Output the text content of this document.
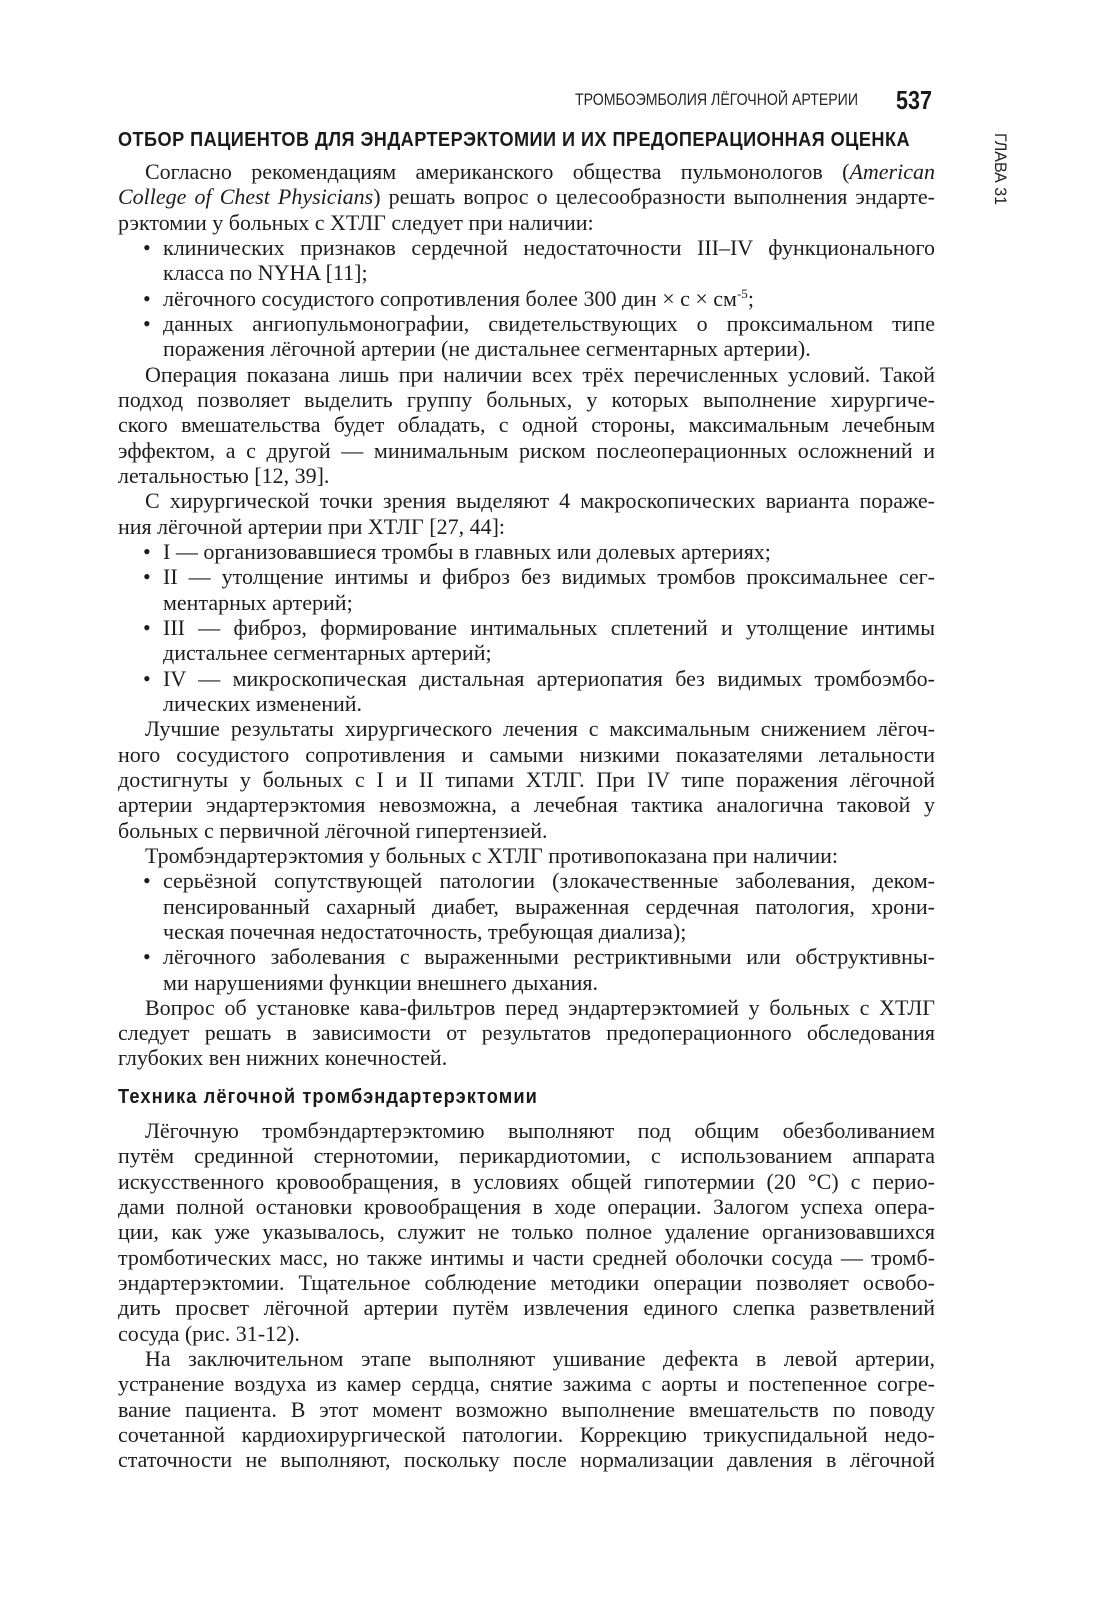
ТРОМБОЭМБОЛИЯ ЛЁГОЧНОЙ АРТЕРИИ 537
ГЛАВА 31
ОТБОР ПАЦИЕНТОВ ДЛЯ ЭНДАРТЕРЭКТОМИИ И ИХ ПРЕДОПЕРАЦИОННАЯ ОЦЕНКА
Согласно рекомендациям американского общества пульмонологов (American
College of Chest Physicians) решать вопрос о целесообразности выполнения эндарте-
рэктомии у больных с ХТЛГ следует при наличии:
• клинических признаков сердечной недостаточности III–IV функционального
класса по NYHA [11];
• лёгочного сосудистого сопротивления более 300 дин × $с \times см^{-5}$;
• данных ангиопульмонографии, свидетельствующих о проксимальном типе
поражения лёгочной артерии (не дистальнее сегментарных артерии).
Операция показана лишь при наличии всех трёх перечисленных условий. Такой
подход позволяет выделить группу больных, у которых выполнение хирургиче-
ского вмешательства будет обладать, с одной стороны, максимальным лечебным
эффектом, а с другой — минимальным риском послеоперационных осложнений и
летальностью [12, 39].
С хирургической точки зрения выделяют 4 макроскопических варианта пораже-
ния лёгочной артерии при ХТЛГ [27, 44]:
• I — организовавшиеся тромбы в главных или долевых артериях;
• II — утолщение интимы и фиброз без видимых тромбов проксимальнее сег-
ментарных артерий;
• III — фиброз, формирование интимальных сплетений и утолщение интимы
дистальнее сегментарных артерий;
• IV — микроскопическая дистальная артериопатия без видимых тромбоэмбо-
лических изменений.
Лучшие результаты хирургического лечения с максимальным снижением лёгоч-
ного сосудистого сопротивления и самыми низкими показателями летальности
достигнуты у больных с I и II типами ХТЛГ. При IV типе поражения лёгочной
артерии эндартерэктомия невозможна, а лечебная тактика аналогична таковой у
больных с первичной лёгочной гипертензией.
Тромбэндартерэктомия у больных с ХТЛГ противопоказана при наличии:
• серьёзной сопутствующей патологии (злокачественные заболевания, деком-
пенсированный сахарный диабет, выраженная сердечная патология, хрони-
ческая почечная недостаточность, требующая диализа);
• лёгочного заболевания с выраженными рестриктивными или обструктивны-
ми нарушениями функции внешнего дыхания.
Вопрос об установке кава-фильтров перед эндартерэктомией у больных с ХТЛГ
следует решать в зависимости от результатов предоперационного обследования
глубоких вен нижних конечностей.
Техника лёгочной тромбэндартерэктомии
Лёгочную тромбэндартерэктомию выполняют под общим обезболиванием
путём срединной стернотомии, перикардиотомии, с использованием аппарата
искусственного кровообращения, в условиях общей гипотермии (20 °С) с перио-
дами полной остановки кровообращения в ходе операции. Залогом успеха опера-
ции, как уже указывалось, служит не только полное удаление организовавшихся
тромботических масс, но также интимы и части средней оболочки сосуда — тромб-
эндартерэктомии. Тщательное соблюдение методики операции позволяет освобо-
дить просвет лёгочной артерии путём извлечения единого слепка разветвлений
сосуда (рис. 31-12).
На заключительном этапе выполняют ушивание дефекта в левой артерии,
устранение воздуха из камер сердца, снятие зажима с аорты и постепенное согре-
вание пациента. В этот момент возможно выполнение вмешательств по поводу
сочетанной кардиохирургической патологии. Коррекцию трикуспидальной недо-
статочности не выполняют, поскольку после нормализации давления в лёгочной
